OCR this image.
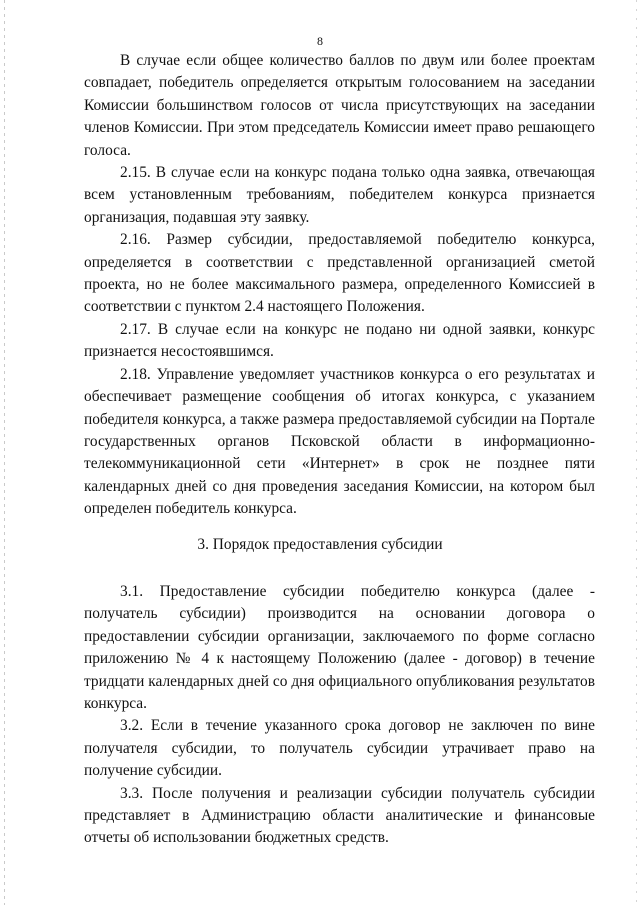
8

В случае если общее количество баллов по двум или более проектам совпадает, победитель определяется открытым голосованием на заседании Комиссии большинством голосов от числа присутствующих на заседании членов Комиссии. При этом председатель Комиссии имеет право решающего голоса.

2.15. В случае если на конкурс подана только одна заявка, отвечающая всем установленным требованиям, победителем конкурса признается организация, подавшая эту заявку.

2.16. Размер субсидии, предоставляемой победителю конкурса, определяется в соответствии с представленной организацией сметой проекта, но не более максимального размера, определенного Комиссией в соответствии с пунктом 2.4 настоящего Положения.

2.17. В случае если на конкурс не подано ни одной заявки, конкурс признается несостоявшимся.

2.18. Управление уведомляет участников конкурса о его результатах и обеспечивает размещение сообщения об итогах конкурса, с указанием победителя конкурса, а также размера предоставляемой субсидии на Портале государственных органов Псковской области в информационно-телекоммуникационной сети «Интернет» в срок не позднее пяти календарных дней со дня проведения заседания Комиссии, на котором был определен победитель конкурса.

3. Порядок предоставления субсидии

3.1. Предоставление субсидии победителю конкурса (далее - получатель субсидии) производится на основании договора о предоставлении субсидии организации, заключаемого по форме согласно приложению № 4 к настоящему Положению (далее - договор) в течение тридцати календарных дней со дня официального опубликования результатов конкурса.

3.2. Если в течение указанного срока договор не заключен по вине получателя субсидии, то получатель субсидии утрачивает право на получение субсидии.

3.3. После получения и реализации субсидии получатель субсидии представляет в Администрацию области аналитические и финансовые отчеты об использовании бюджетных средств.
